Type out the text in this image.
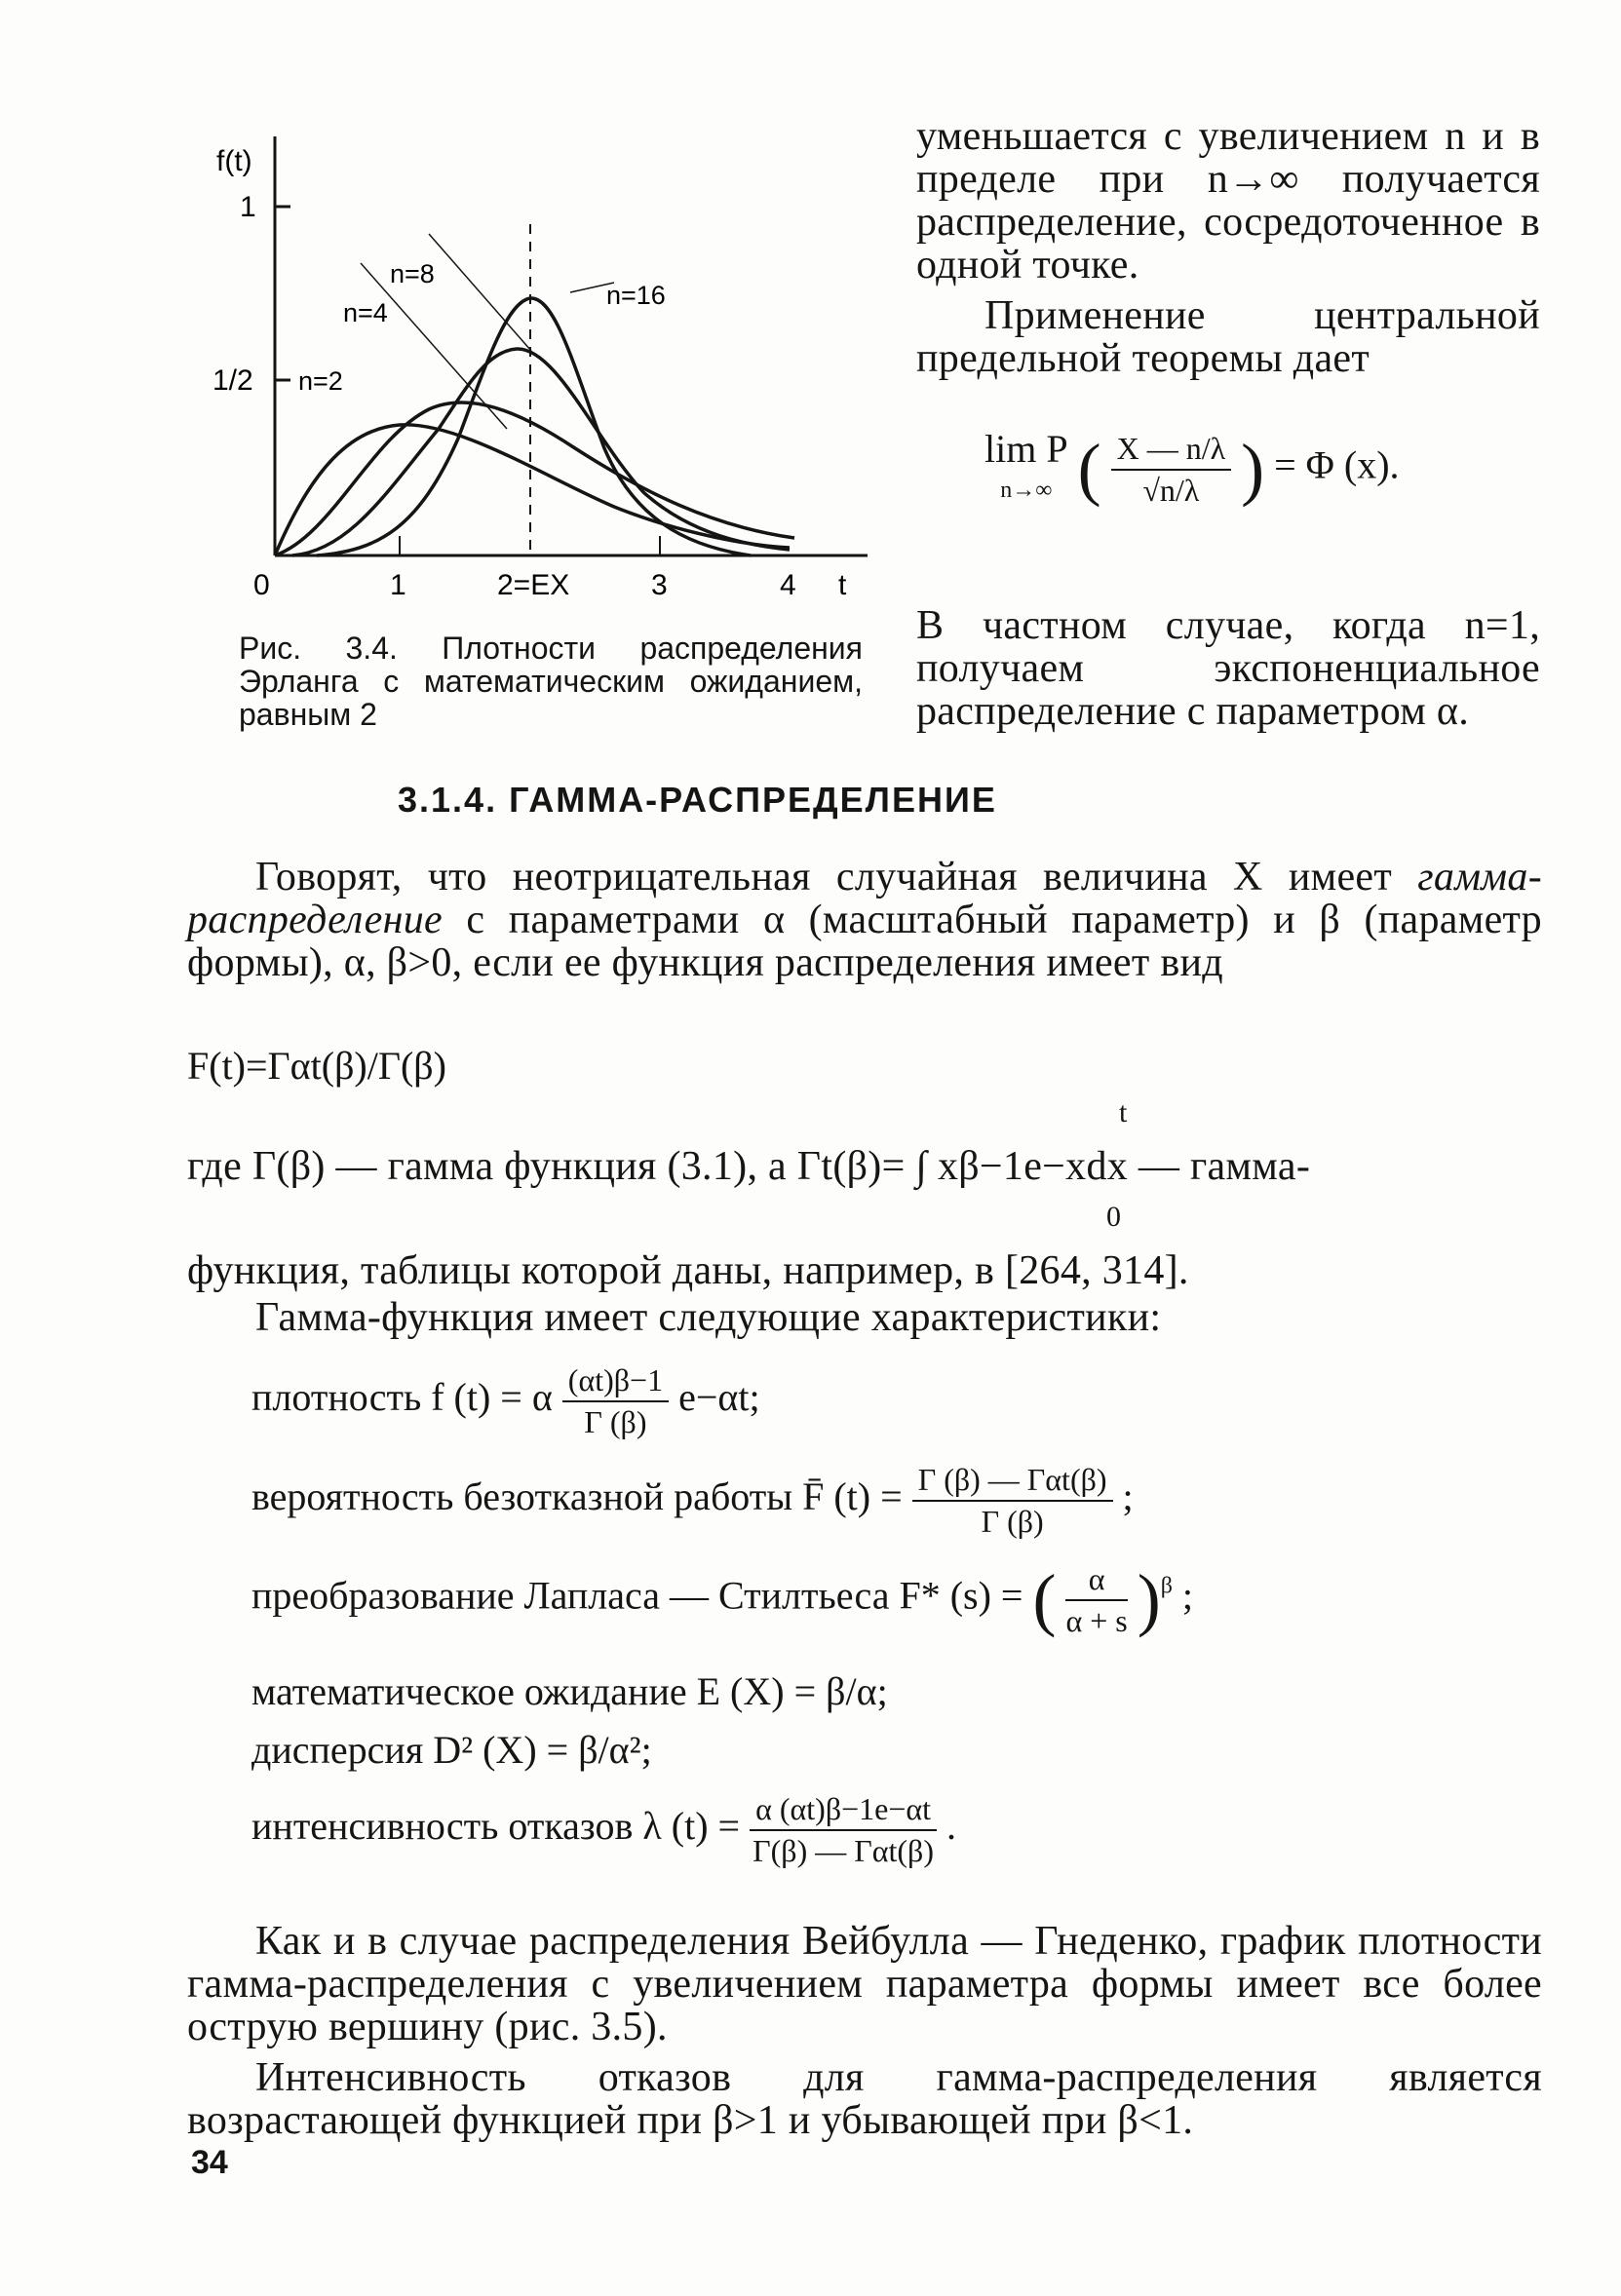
f(t)
1
1/2 n=2
n=4
n=8
n=16
0	1	2=EX	3	4 t
Рис. 3.4. Плотности распределения Эрланга с математическим ожиданием, равным 2
уменьшается с увеличением n и в пределе при n→∞ получается распределение, сосредоточенное в одной точке.
Применение центральной предельной теоремы дает
lim P
n→∞ ( $\frac{X — n/\lambda}{√n/\lambda}$ ) = Φ (x).
В частном случае, когда n=1, получаем экспоненциальное распределение с параметром α.
3.1.4. ГАММА-РАСПРЕДЕЛЕНИЕ
Говорят, что неотрицательная случайная величина X имеет гамма-распределение с параметрами α (масштабный параметр) и β (параметр формы), α, β>0, если ее функция распределения имеет вид
F(t)=Γαt(β)/Γ(β)
t
где Γ(β) — гамма функция (3.1), а Γt(β)= ∫ xβ−1e−xdx — гамма-
0
функция, таблицы которой даны, например, в [264, 314].
Гамма-функция имеет следующие характеристики:
плотность f (t) = α $\frac{(\alpha t)\beta-1}{\Gamma (\beta)} e-\alpha t$;
вероятность безотказной работы F̄ $(t) = \frac{\text{Γ (β) — Γαt(β)}}{\Gamma (\beta)}$ ;
преобразование Лапласа — Стилтьеса F* (s) = ( $\frac{\alpha}{\alpha + s} )^\beta$ ;
математическое ожидание E (X) = β/α;
дисперсия D² (X) = β/α²;
интенсивность отказов λ $(t) = \frac{\alpha (\alpha t)\beta-1e-\alpha t}{\text{Γ(β) — Γαt(β)}}$ .
Как и в случае распределения Вейбулла — Гнеденко, график плотности гамма-распределения с увеличением параметра формы имеет все более острую вершину (рис. 3.5).
Интенсивность отказов для гамма-распределения является возрастающей функцией при β>1 и убывающей при β<1.
34
